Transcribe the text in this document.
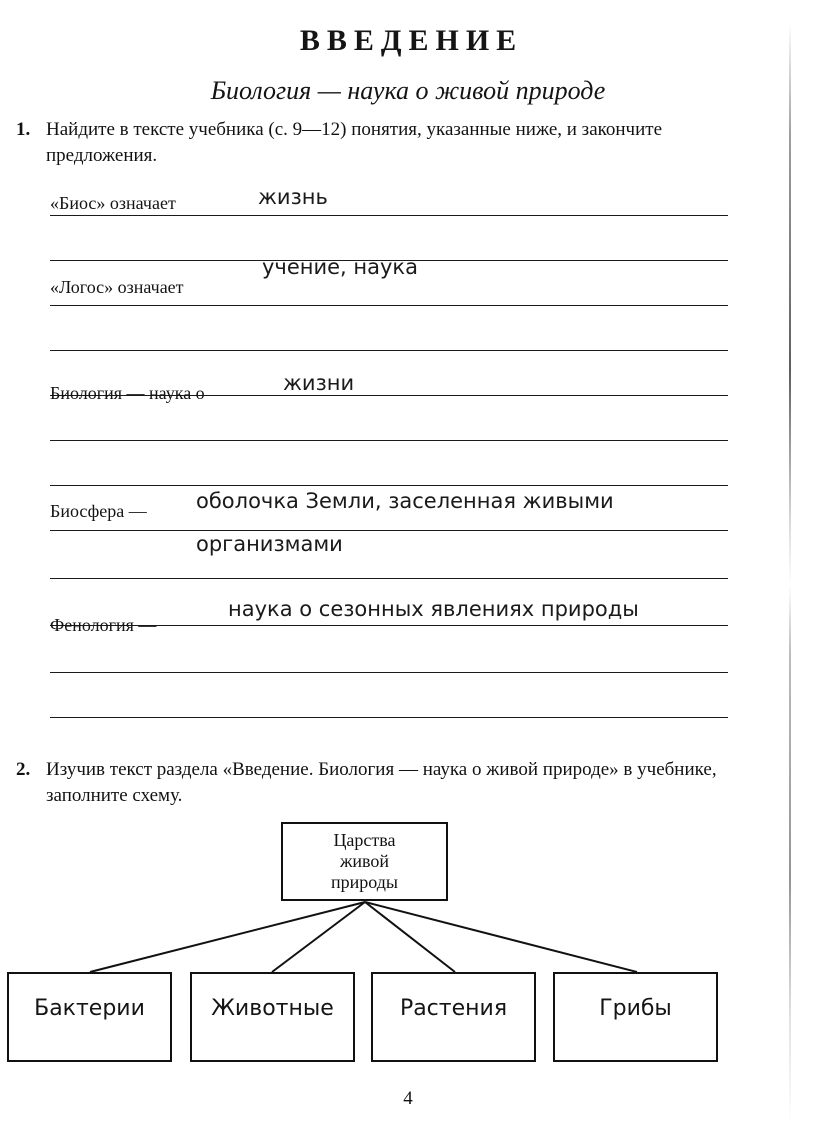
ВВЕДЕНИЕ
Биология — наука о живой природе
1. Найдите в тексте учебника (с. 9—12) понятия, указанные ниже, и закончите предложения.
«Биос» означает	жизнь
«Логос» означает
учение, наука
Биология — наука о	жизни
Биосфера — оболочка Земли, заселенная живыми
организмами
Фенология —
наука о сезонных явлениях природы
2. Изучив текст раздела «Введение. Биология — наука о живой природе» в учебнике, заполните схему.
Царства
живой
природы
Бактерии	Животные	Растения	Грибы
4
